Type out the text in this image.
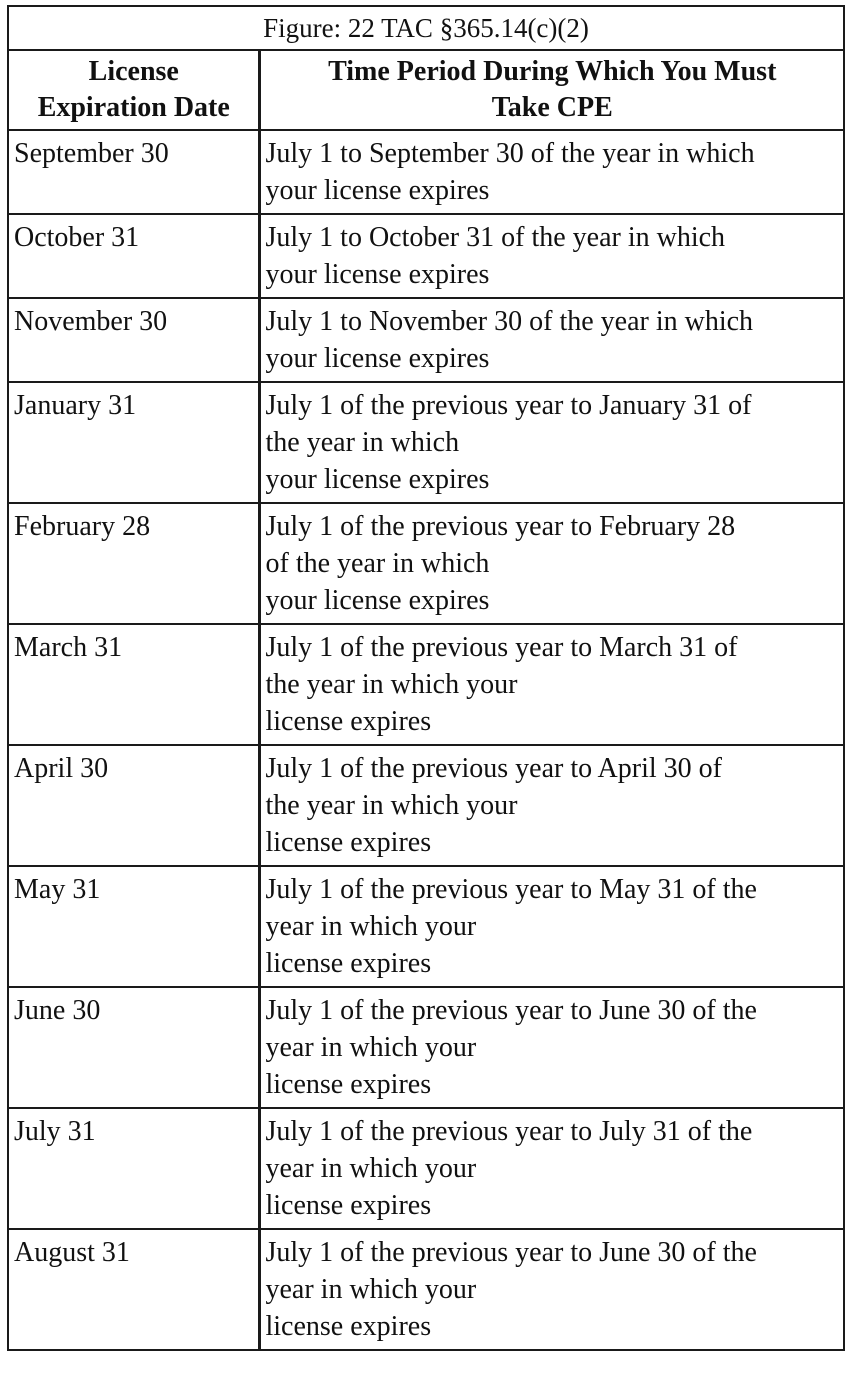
Figure: 22 TAC §365.14(c)(2)
License
Expiration Date	Time Period During Which You Must
Take CPE

September 30	July 1 to September 30 of the year in which
your license expires

October 31	July 1 to October 31 of the year in which
your license expires

November 30	July 1 to November 30 of the year in which
your license expires

January 31	July 1 of the previous year to January 31 of
the year in which
your license expires

February 28	July 1 of the previous year to February 28
of the year in which
your license expires

March 31	July 1 of the previous year to March 31 of
the year in which your
license expires

April 30	July 1 of the previous year to April 30 of
the year in which your
license expires

May 31	July 1 of the previous year to May 31 of the
year in which your
license expires

June 30	July 1 of the previous year to June 30 of the
year in which your
license expires

July 31	July 1 of the previous year to July 31 of the
year in which your
license expires

August 31	July 1 of the previous year to June 30 of the
year in which your
license expires
